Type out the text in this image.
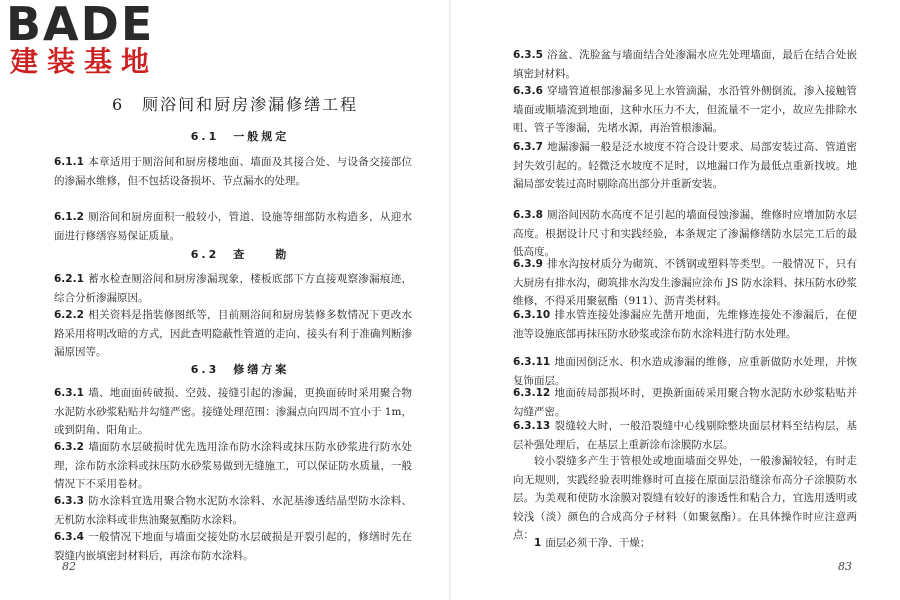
BADE
建装基地
6　厕浴间和厨房渗漏修缮工程
6.1　一般规定

6.1.1 本章适用于厕浴间和厨房楼地面、墙面及其接合处、与设备交接部位的渗漏水维修，但不包括设备损坏、节点漏水的处理。

6.1.2 厕浴间和厨房面积一般较小，管道、设施等细部防水构造多，从迎水面进行修缮容易保证质量。

6.2　查　　勘

6.2.1 蓄水检查厕浴间和厨房渗漏现象，楼板底部下方直接观察渗漏痕迹，综合分析渗漏原因。

6.2.2 相关资料是指装修图纸等，目前厕浴间和厨房装修多数情况下更改水路采用将明改暗的方式，因此查明隐蔽性管道的走向、接头有利于准确判断渗漏原因等。

6.3　修缮方案

6.3.1 墙、地面面砖破损、空鼓、接缝引起的渗漏，更换面砖时采用聚合物水泥防水砂浆粘贴并勾缝严密。接缝处理范围：渗漏点向四周不宜小于 1m，或到阴角、阳角止。

6.3.2 墙面防水层破损时优先选用涂布防水涂料或抹压防水砂浆进行防水处理，涂布防水涂料或抹压防水砂浆易做到无缝施工，可以保证防水质量，一般情况下不采用卷材。

6.3.3 防水涂料宜选用聚合物水泥防水涂料、水泥基渗透结晶型防水涂料、无机防水涂料或非焦油聚氨酯防水涂料。

6.3.4 一般情况下地面与墙面交接处防水层破损是开裂引起的，修缮时先在裂缝内嵌填密封材料后，再涂布防水涂料。

82

6.3.5 浴盆、洗脸盆与墙面结合处渗漏水应先处理墙面，最后在结合处嵌填密封材料。

6.3.6 穿墙管道根部渗漏多见上水管滴漏，水沿管外侧倒流，渗入接触管墙面或顺墙流到地面，这种水压力不大，但流量不一定小，故应先排除水咀、管子等渗漏，先堵水源，再治管根渗漏。

6.3.7 地漏渗漏一般是泛水坡度不符合设计要求、局部安装过高、管道密封失效引起的。轻微泛水坡度不足时，以地漏口作为最低点重新找坡。地漏局部安装过高时剔除高出部分并重新安装。

6.3.8 厕浴间因防水高度不足引起的墙面侵蚀渗漏，维修时应增加防水层高度。根据设计尺寸和实践经验，本条规定了渗漏修缮防水层完工后的最低高度。

6.3.9 排水沟按材质分为砌筑、不锈钢或塑料等类型。一般情况下，只有大厨房有排水沟，砌筑排水沟发生渗漏应涂布 JS 防水涂料、抹压防水砂浆维修，不得采用聚氨酯（911）、沥青类材料。

6.3.10 排水管连接处渗漏应先凿开地面，先维修连接处不渗漏后，在便池等设施底部再抹压防水砂浆或涂布防水涂料进行防水处理。

6.3.11 地面因倒泛水、积水造成渗漏的维修，应重新做防水处理，并恢复饰面层。

6.3.12 地面砖局部损坏时，更换新面砖采用聚合物水泥防水砂浆粘贴并勾缝严密。

6.3.13 裂缝较大时，一般沿裂缝中心线剔除整块面层材料至结构层，基层补强处理后，在基层上重新涂布涂膜防水层。

较小裂缝多产生于管根处或地面墙面交界处，一般渗漏较轻，有时走向无规则，实践经验表明维修时可直接在原面层沿缝涂布高分子涂膜防水层。为美观和使防水涂膜对裂缝有较好的渗透性和粘合力，宜选用透明或较浅（淡）颜色的合成高分子材料（如聚氨酯）。在具体操作时应注意两点：

1 面层必须干净、干燥；

83
